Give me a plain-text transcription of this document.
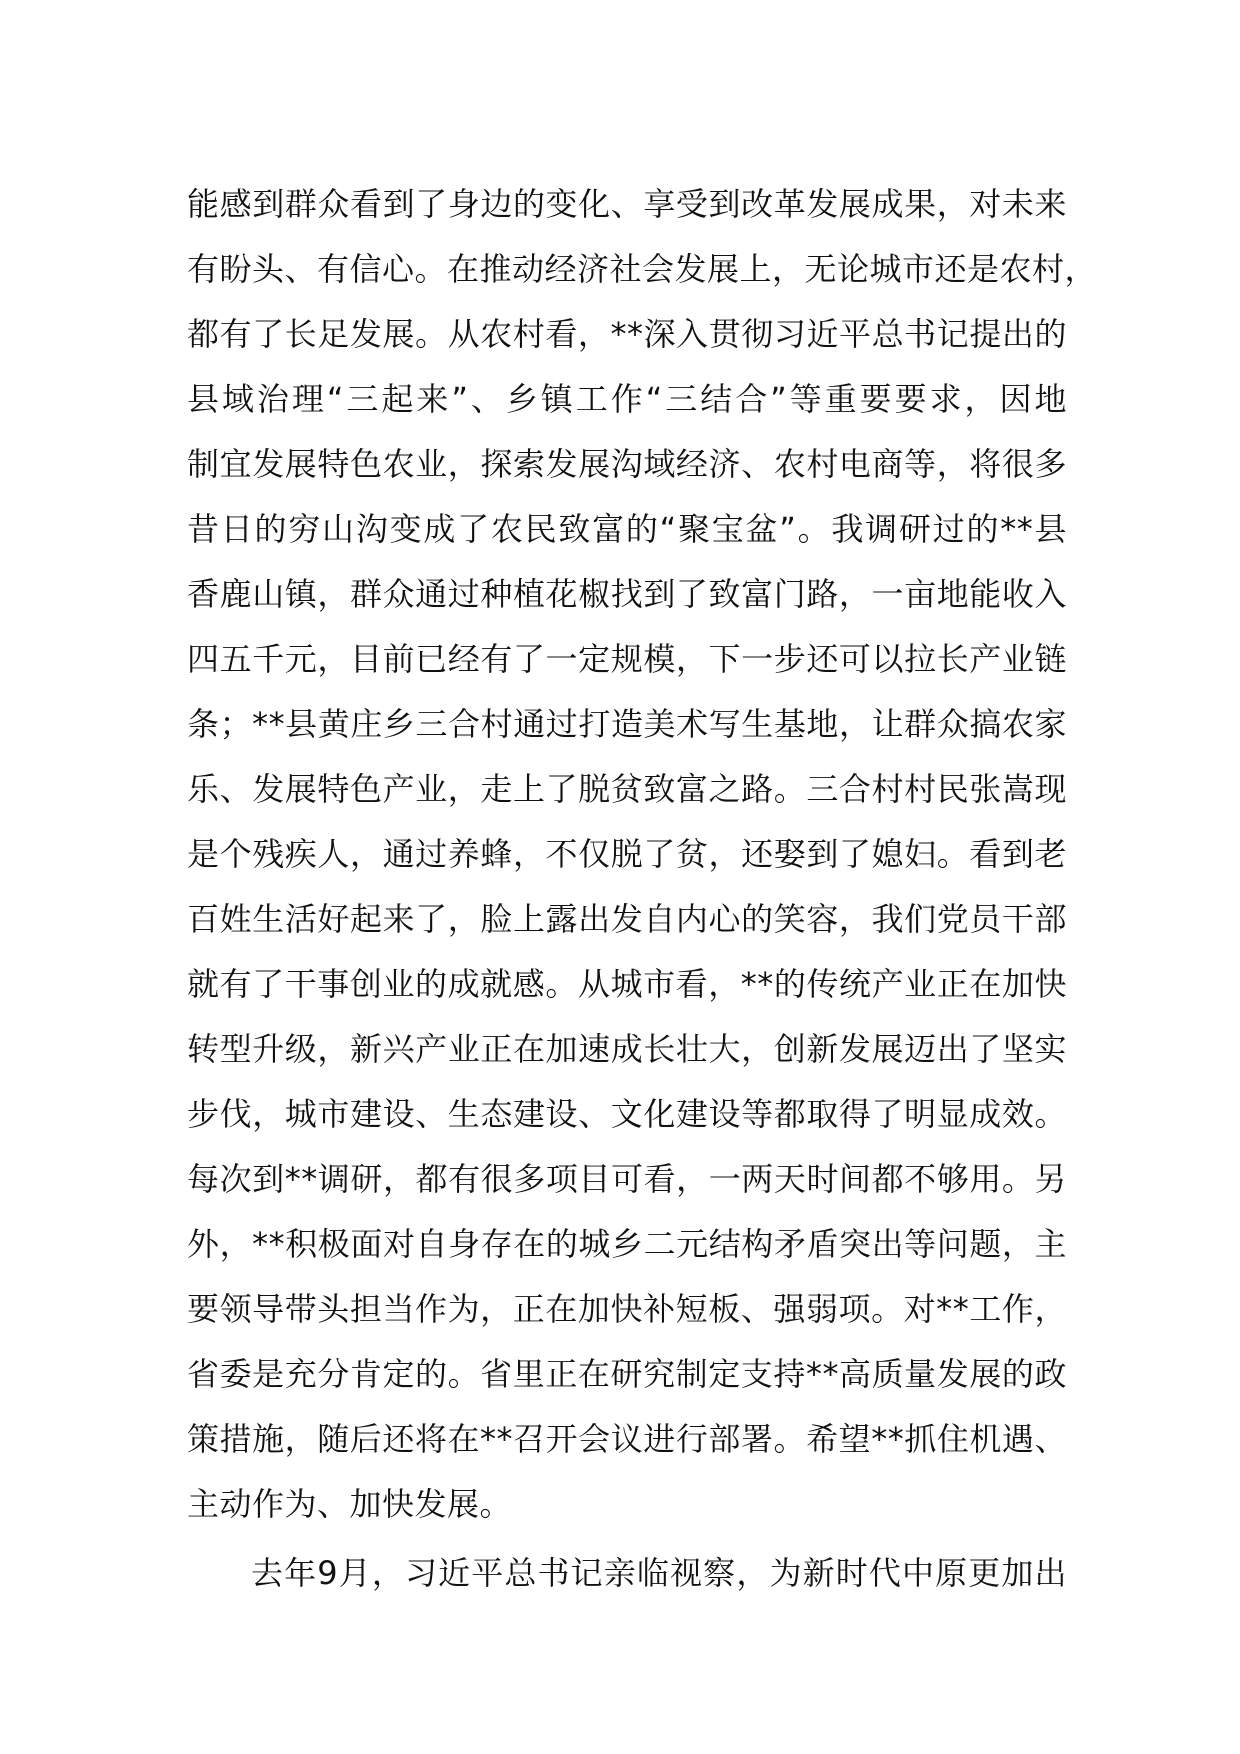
能感到群众看到了身边的变化、享受到改革发展成果，对未来
有盼头、有信心。在推动经济社会发展上，无论城市还是农村，
都有了长足发展。从农村看，**深入贯彻习近平总书记提出的
县域治理“三起来”、乡镇工作“三结合”等重要要求，因地
制宜发展特色农业，探索发展沟域经济、农村电商等，将很多
昔日的穷山沟变成了农民致富的“聚宝盆”。我调研过的**县
香鹿山镇，群众通过种植花椒找到了致富门路，一亩地能收入
四五千元，目前已经有了一定规模，下一步还可以拉长产业链
条；**县黄庄乡三合村通过打造美术写生基地，让群众搞农家
乐、发展特色产业，走上了脱贫致富之路。三合村村民张嵩现
是个残疾人，通过养蜂，不仅脱了贫，还娶到了媳妇。看到老
百姓生活好起来了，脸上露出发自内心的笑容，我们党员干部
就有了干事创业的成就感。从城市看，**的传统产业正在加快
转型升级，新兴产业正在加速成长壮大，创新发展迈出了坚实
步伐，城市建设、生态建设、文化建设等都取得了明显成效。
每次到**调研，都有很多项目可看，一两天时间都不够用。另
外，**积极面对自身存在的城乡二元结构矛盾突出等问题，主
要领导带头担当作为，正在加快补短板、强弱项。对**工作，
省委是充分肯定的。省里正在研究制定支持**高质量发展的政
策措施，随后还将在**召开会议进行部署。希望**抓住机遇、
主动作为、加快发展。
去年9月，习近平总书记亲临视察，为新时代中原更加出
